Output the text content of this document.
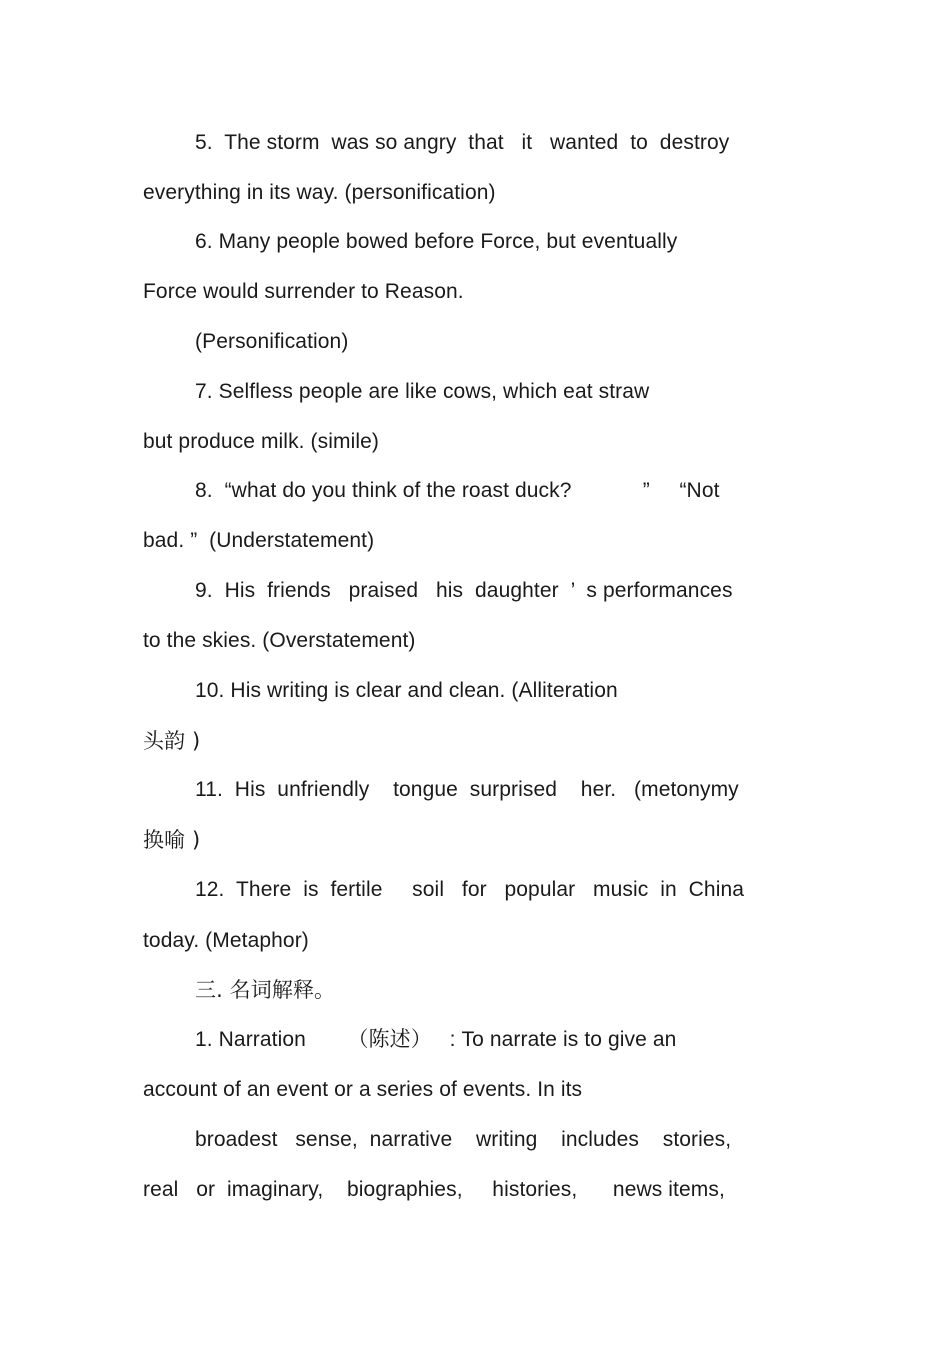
5.  The storm  was so angry  that   it   wanted  to  destroy
everything in its way. (personification)
6. Many people bowed before Force, but eventually
Force would surrender to Reason.
(Personification)
7. Selfless people are like cows, which eat straw
but produce milk. (simile)
8.  “what do you think of the roast duck?            ”     “Not
bad. ”  (Understatement)
9.  His  friends   praised   his  daughter  ’  s performances
to the skies. (Overstatement)
10. His writing is clear and clean. (Alliteration
头韵 )
11.  His  unfriendly    tongue  surprised    her.   (metonymy
换喻 )
12.  There  is  fertile     soil   for   popular   music  in  China
today. (Metaphor)
三. 名词解释。
1. Narration       （陈述）   : To narrate is to give an
account of an event or a series of events. In its
broadest   sense,  narrative    writing    includes    stories,
real   or  imaginary,    biographies,     histories,      news items,
